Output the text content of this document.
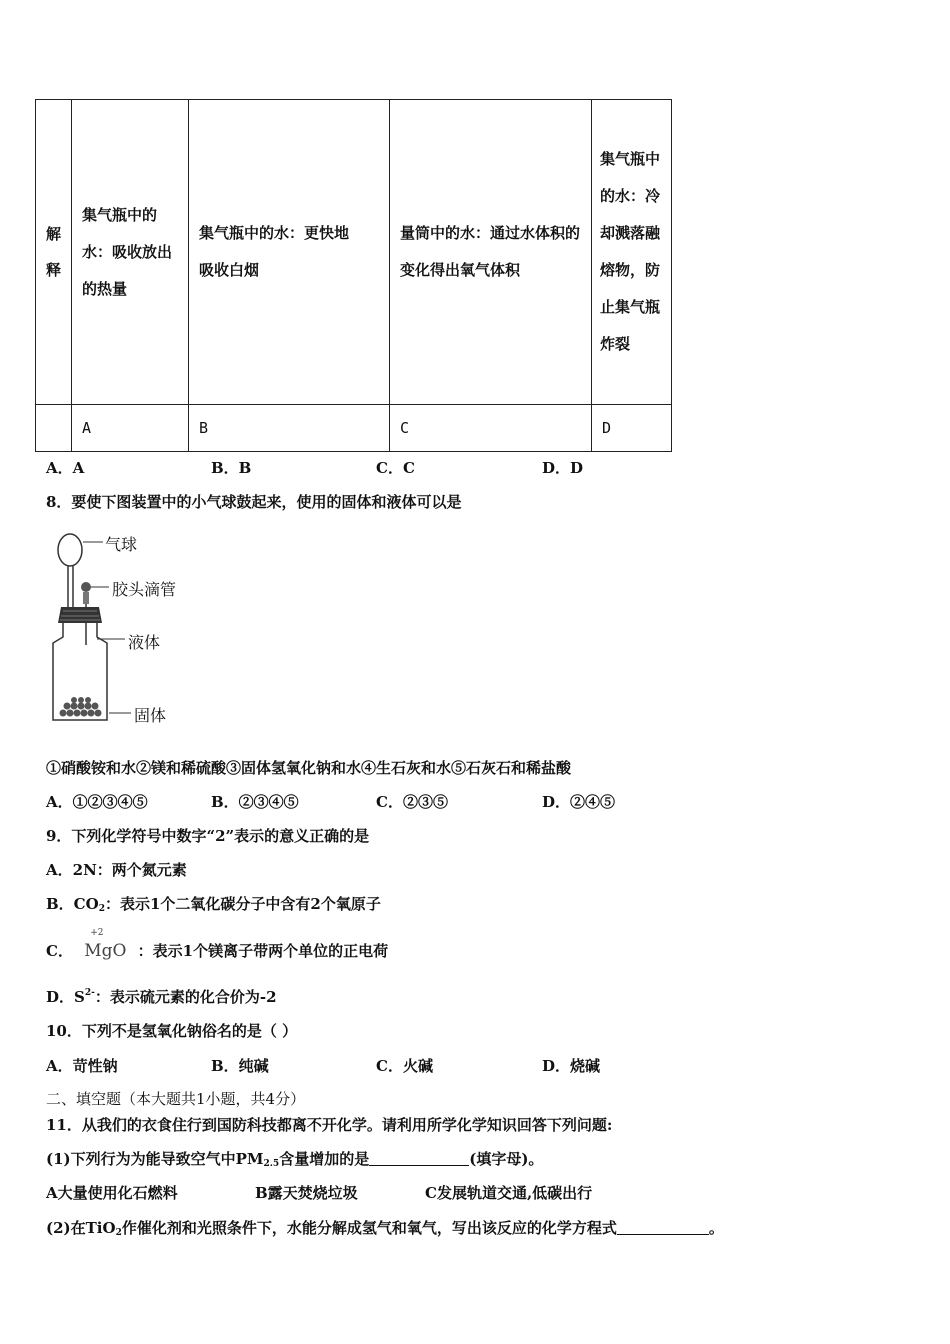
解释	集气瓶中的水：吸收放出的热量	集气瓶中的水：更快地吸收白烟	量筒中的水：通过水体积的变化得出氧气体积	集气瓶中的水：冷却溅落融熔物，防止集气瓶炸裂
	A	B	C	D
A．A	B．B	C．C	D．D
8．要使下图装置中的小气球鼓起来，使用的固体和液体可以是
气球
胶头滴管
液体
固体
①硝酸铵和水②镁和稀硫酸③固体氢氧化钠和水④生石灰和水⑤石灰石和稀盐酸
A．①②③④⑤	B．②③④⑤	C．②③⑤	D．②④⑤
9．下列化学符号中数字“2”表示的意义正确的是
A．2N：两个氮元素
B．$CO_2$：表示1个二氧化碳分子中含有2个氧原子
C．
+2
MgO ：表示1个镁离子带两个单位的正电荷
D．$S^{2-}$：表示硫元素的化合价为-2
10．下列不是氢氧化钠俗名的是（ ）
A．苛性钠	B．纯碱	C．火碱	D．烧碱
二、填空题（本大题共1小题，共4分）
11．从我们的衣食住行到国防科技都离不开化学。请利用所学化学知识回答下列问题:
(1)下列行为为能导致空气中$PM_{2.5}$含量增加的是	(填字母)。
A大量使用化石燃料	B露天焚烧垃圾	C发展轨道交通,低碳出行
(2)在TiO$_2$作催化剂和光照条件下，水能分解成氢气和氧气，写出该反应的化学方程式	。
